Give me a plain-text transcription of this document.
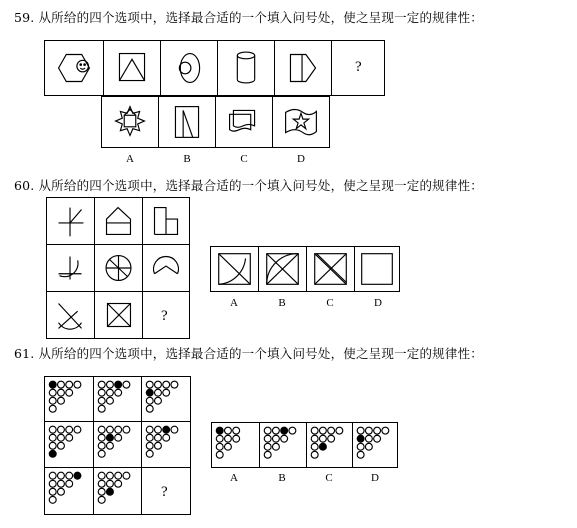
59. 从所给的四个选项中，选择最合适的一个填入问号处，使之呈现一定的规律性：
?
A	B	C	D
60. 从所给的四个选项中，选择最合适的一个填入问号处，使之呈现一定的规律性：
?
A	B	C	D
61. 从所给的四个选项中，选择最合适的一个填入问号处，使之呈现一定的规律性：
?
A	B	C	D
